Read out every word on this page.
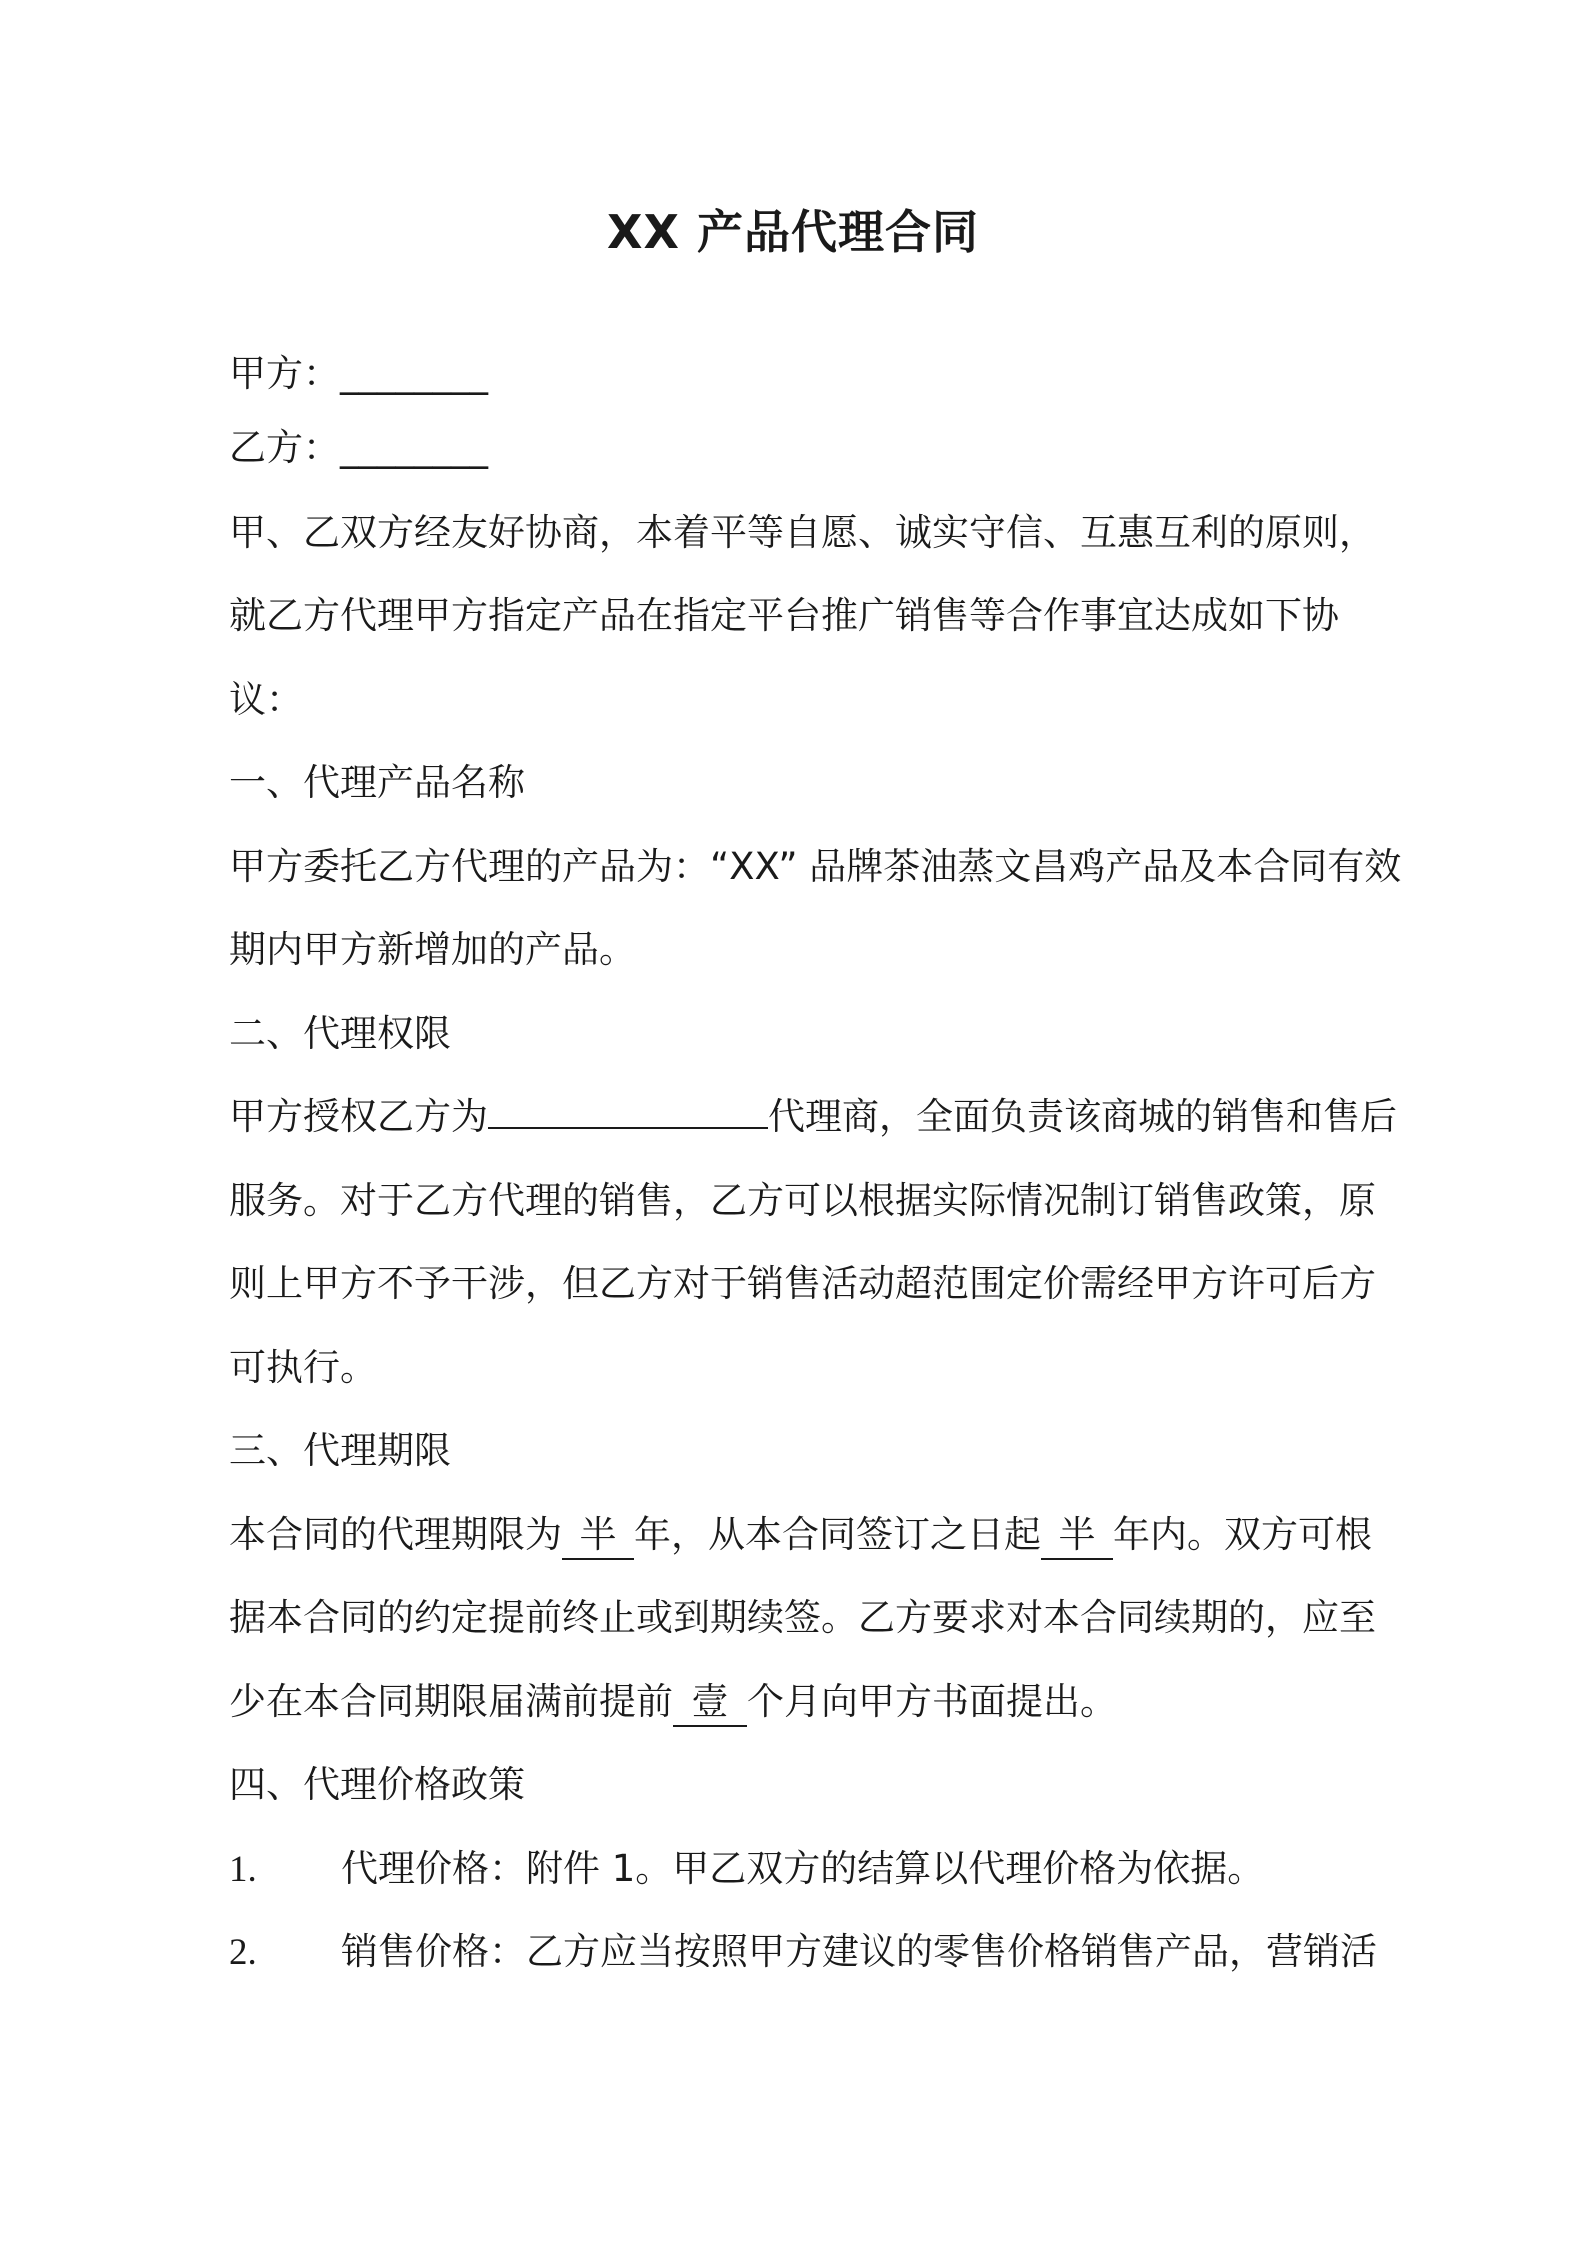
XX 产品代理合同
甲方：________
乙方：________
甲、乙双方经友好协商，本着平等自愿、诚实守信、互惠互利的原则，
就乙方代理甲方指定产品在指定平台推广销售等合作事宜达成如下协
议：
一、代理产品名称
甲方委托乙方代理的产品为：“XX” 品牌茶油蒸文昌鸡产品及本合同有效
期内甲方新增加的产品。
二、代理权限
甲方授权乙方为	代理商，全面负责该商城的销售和售后
服务。对于乙方代理的销售，乙方可以根据实际情况制订销售政策，原
则上甲方不予干涉，但乙方对于销售活动超范围定价需经甲方许可后方
可执行。
三、代理期限
本合同的代理期限为 半 年，从本合同签订之日起 半 年内。双方可根
据本合同的约定提前终止或到期续签。乙方要求对本合同续期的，应至
少在本合同期限届满前提前 壹 个月向甲方书面提出。
四、代理价格政策
1. 代理价格：附件 1。甲乙双方的结算以代理价格为依据。
2. 销售价格：乙方应当按照甲方建议的零售价格销售产品，营销活
